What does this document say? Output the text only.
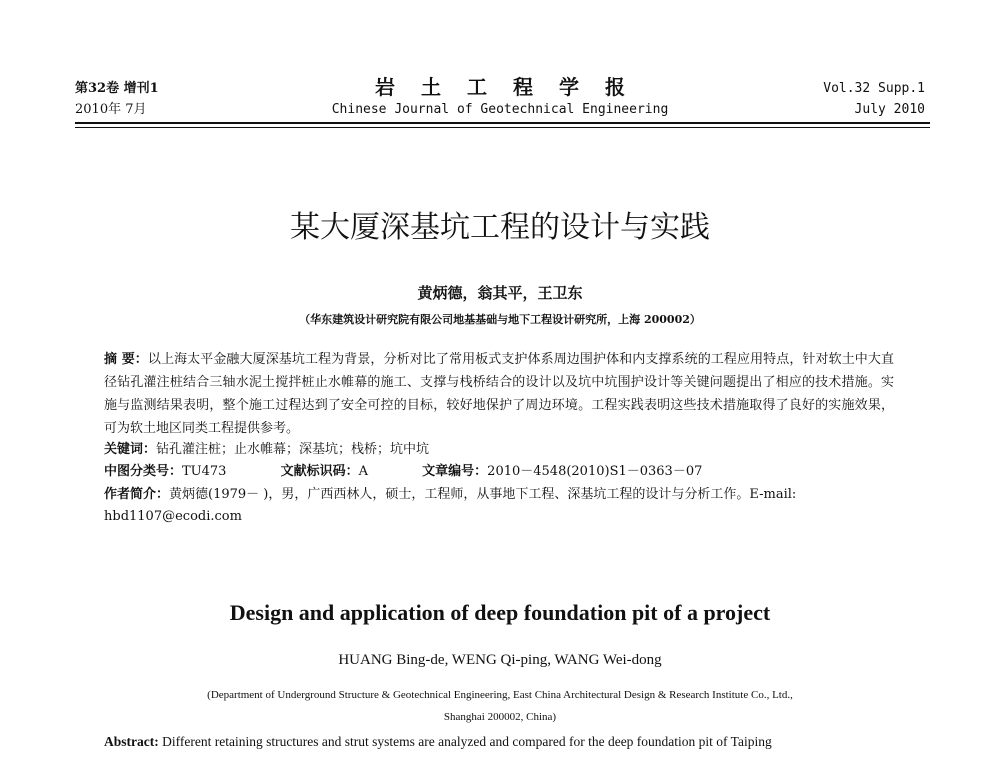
第32卷 增刊1
2010年 7月
岩土工程学报
Chinese Journal of Geotechnical Engineering
Vol.32 Supp.1
July 2010
某大厦深基坑工程的设计与实践
黄炳德，翁其平，王卫东
（华东建筑设计研究院有限公司地基基础与地下工程设计研究所，上海 200002）
摘 要：以上海太平金融大厦深基坑工程为背景，分析对比了常用板式支护体系周边围护体和内支撑系统的工程应用特点，针对软土中大直径钻孔灌注桩结合三轴水泥土搅拌桩止水帷幕的施工、支撑与栈桥结合的设计以及坑中坑围护设计等关键问题提出了相应的技术措施。实施与监测结果表明，整个施工过程达到了安全可控的目标，较好地保护了周边环境。工程实践表明这些技术措施取得了良好的实施效果，可为软土地区同类工程提供参考。
关键词：钻孔灌注桩；止水帷幕；深基坑；栈桥；坑中坑
中图分类号：TU473	文献标识码：A	文章编号：2010－4548(2010)S1－0363－07
作者简介：黄炳德(1979－ )，男，广西西林人，硕士，工程师，从事地下工程、深基坑工程的设计与分析工作。E-mail: hbd1107@ecodi.com
Design and application of deep foundation pit of a project
HUANG Bing-de, WENG Qi-ping, WANG Wei-dong
(Department of Underground Structure & Geotechnical Engineering, East China Architectural Design & Research Institute Co., Ltd.,
Shanghai 200002, China)
Abstract: Different retaining structures and strut systems are analyzed and compared for the deep foundation pit of Taiping
